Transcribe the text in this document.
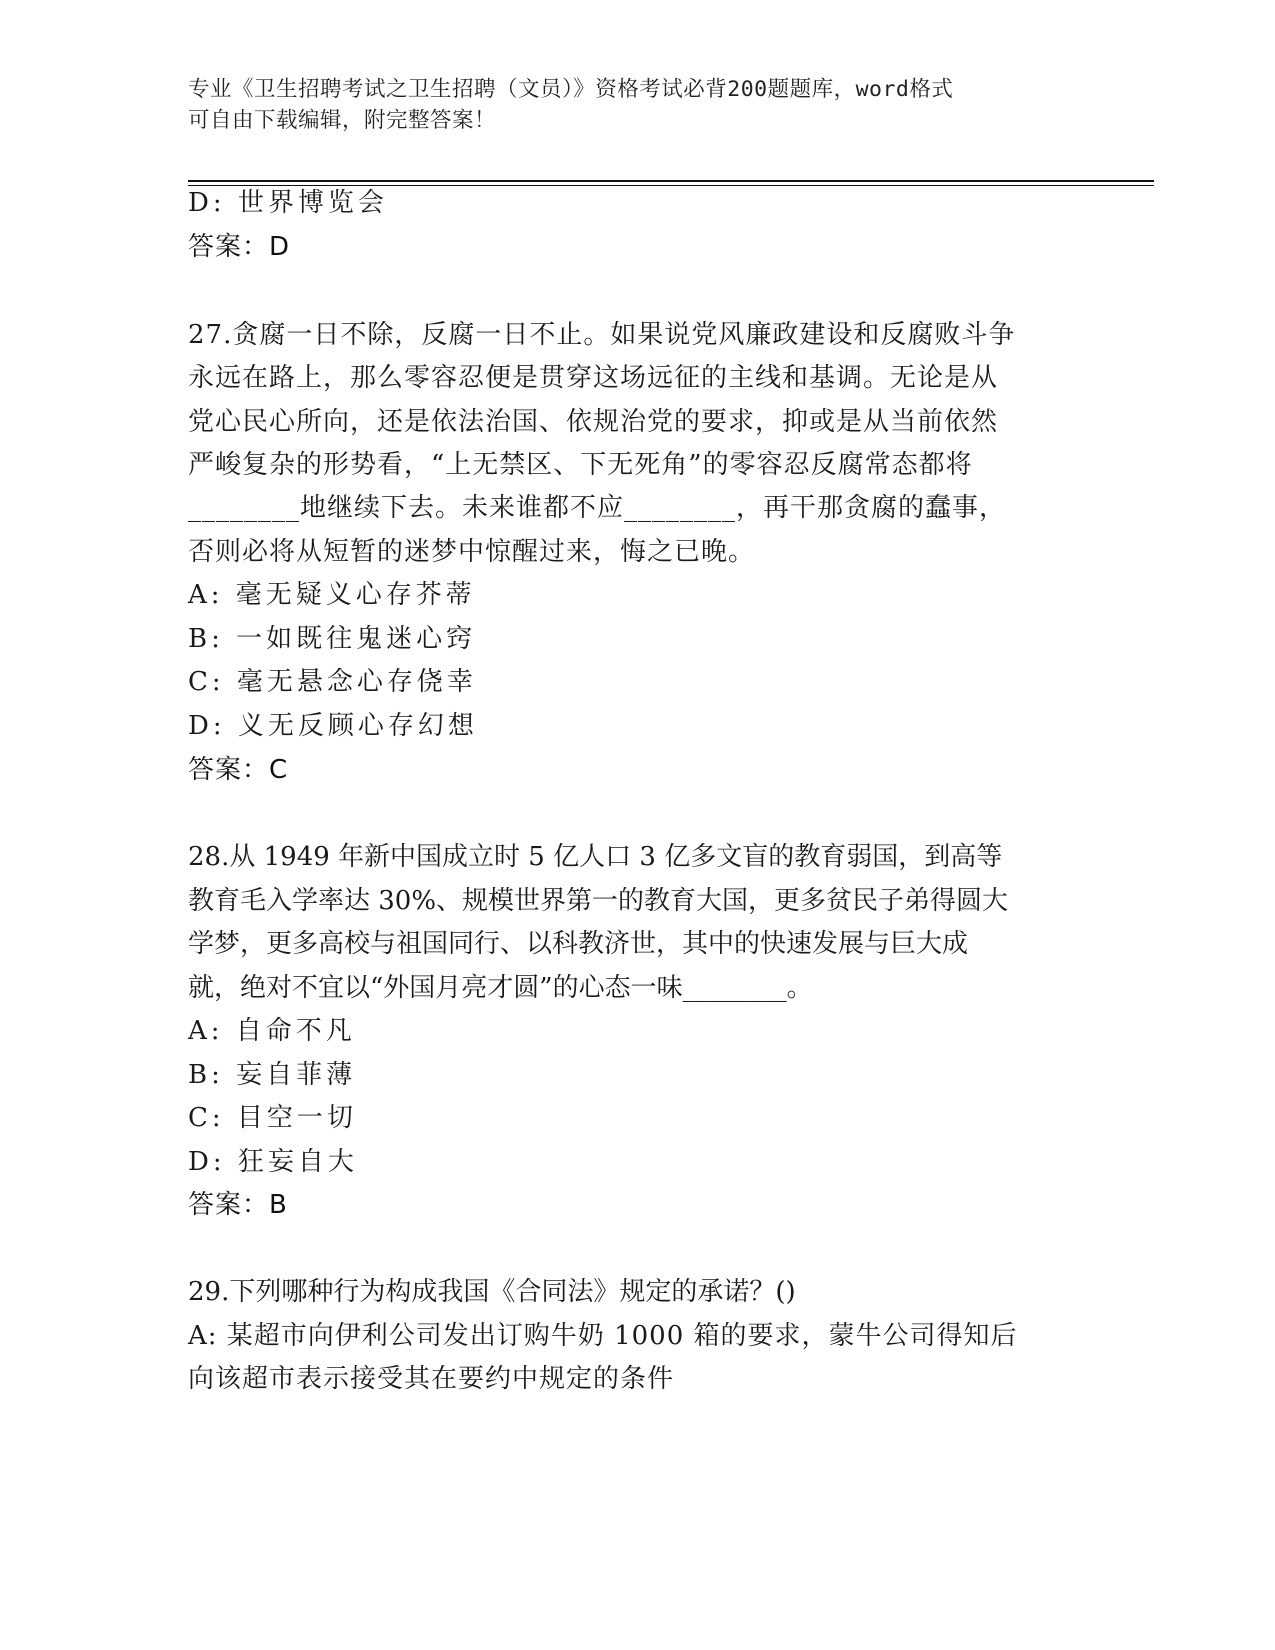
专业《卫生招聘考试之卫生招聘（文员）》资格考试必背200题题库，word格式
可自由下载编辑，附完整答案！
D: 世界博览会
答案：D
27.贪腐一日不除，反腐一日不止。如果说党风廉政建设和反腐败斗争
永远在路上，那么零容忍便是贯穿这场远征的主线和基调。无论是从
党心民心所向，还是依法治国、依规治党的要求，抑或是从当前依然
严峻复杂的形势看，“上无禁区、下无死角”的零容忍反腐常态都将
________地继续下去。未来谁都不应________，再干那贪腐的蠢事，
否则必将从短暂的迷梦中惊醒过来，悔之已晚。
A: 毫无疑义心存芥蒂
B: 一如既往鬼迷心窍
C: 毫无悬念心存侥幸
D: 义无反顾心存幻想
答案：C
28.从 1949 年新中国成立时 5 亿人口 3 亿多文盲的教育弱国，到高等
教育毛入学率达 30%、规模世界第一的教育大国，更多贫民子弟得圆大
学梦，更多高校与祖国同行、以科教济世，其中的快速发展与巨大成
就，绝对不宜以“外国月亮才圆”的心态一味________。
A: 自命不凡
B: 妄自菲薄
C: 目空一切
D: 狂妄自大
答案：B
29.下列哪种行为构成我国《合同法》规定的承诺？()
A: 某超市向伊利公司发出订购牛奶 1000 箱的要求，蒙牛公司得知后
向该超市表示接受其在要约中规定的条件
